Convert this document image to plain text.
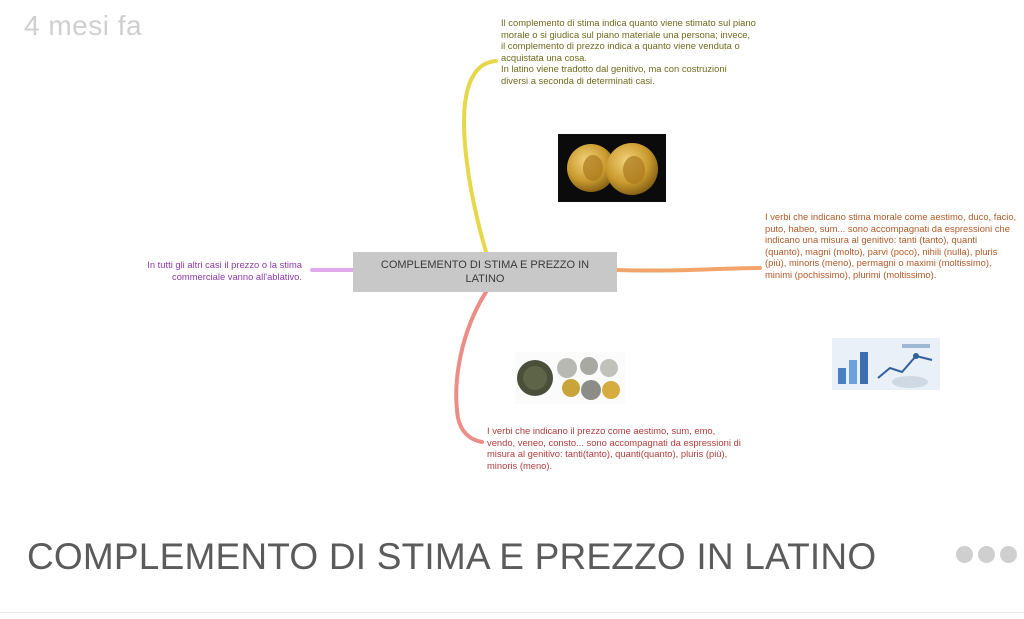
4 mesi fa
COMPLEMENTO DI STIMA E PREZZO IN LATINO

Il complemento di stima indica quanto viene stimato sul piano morale o si giudica sul piano materiale una persona; invece, il complemento di prezzo indica a quanto viene venduta o acquistata una cosa.

In latino viene tradotto dal genitivo, ma con costruzioni diversi a seconda di determinati casi.

I verbi che indicano stima morale come aestimo, duco, facio, puto, habeo, sum... sono accompagnati da espressioni che indicano una misura al genitivo: tanti (tanto), quanti (quanto), magni (molto), parvi (poco), nihili (nulla), pluris (più), minoris (meno), permagni o maximi (moltissimo), minimi (pochissimo), plurimi (moltissimo).
In tutti gli altri casi il prezzo o la stima commerciale vanno all'ablativo.
I verbi che indicano il prezzo come aestimo, sum, emo, vendo, veneo, consto... sono accompagnati da espressioni di misura al genitivo: tanti(tanto), quanti(quanto), pluris (più), minoris (meno).
COMPLEMENTO DI STIMA E PREZZO IN LATINO
